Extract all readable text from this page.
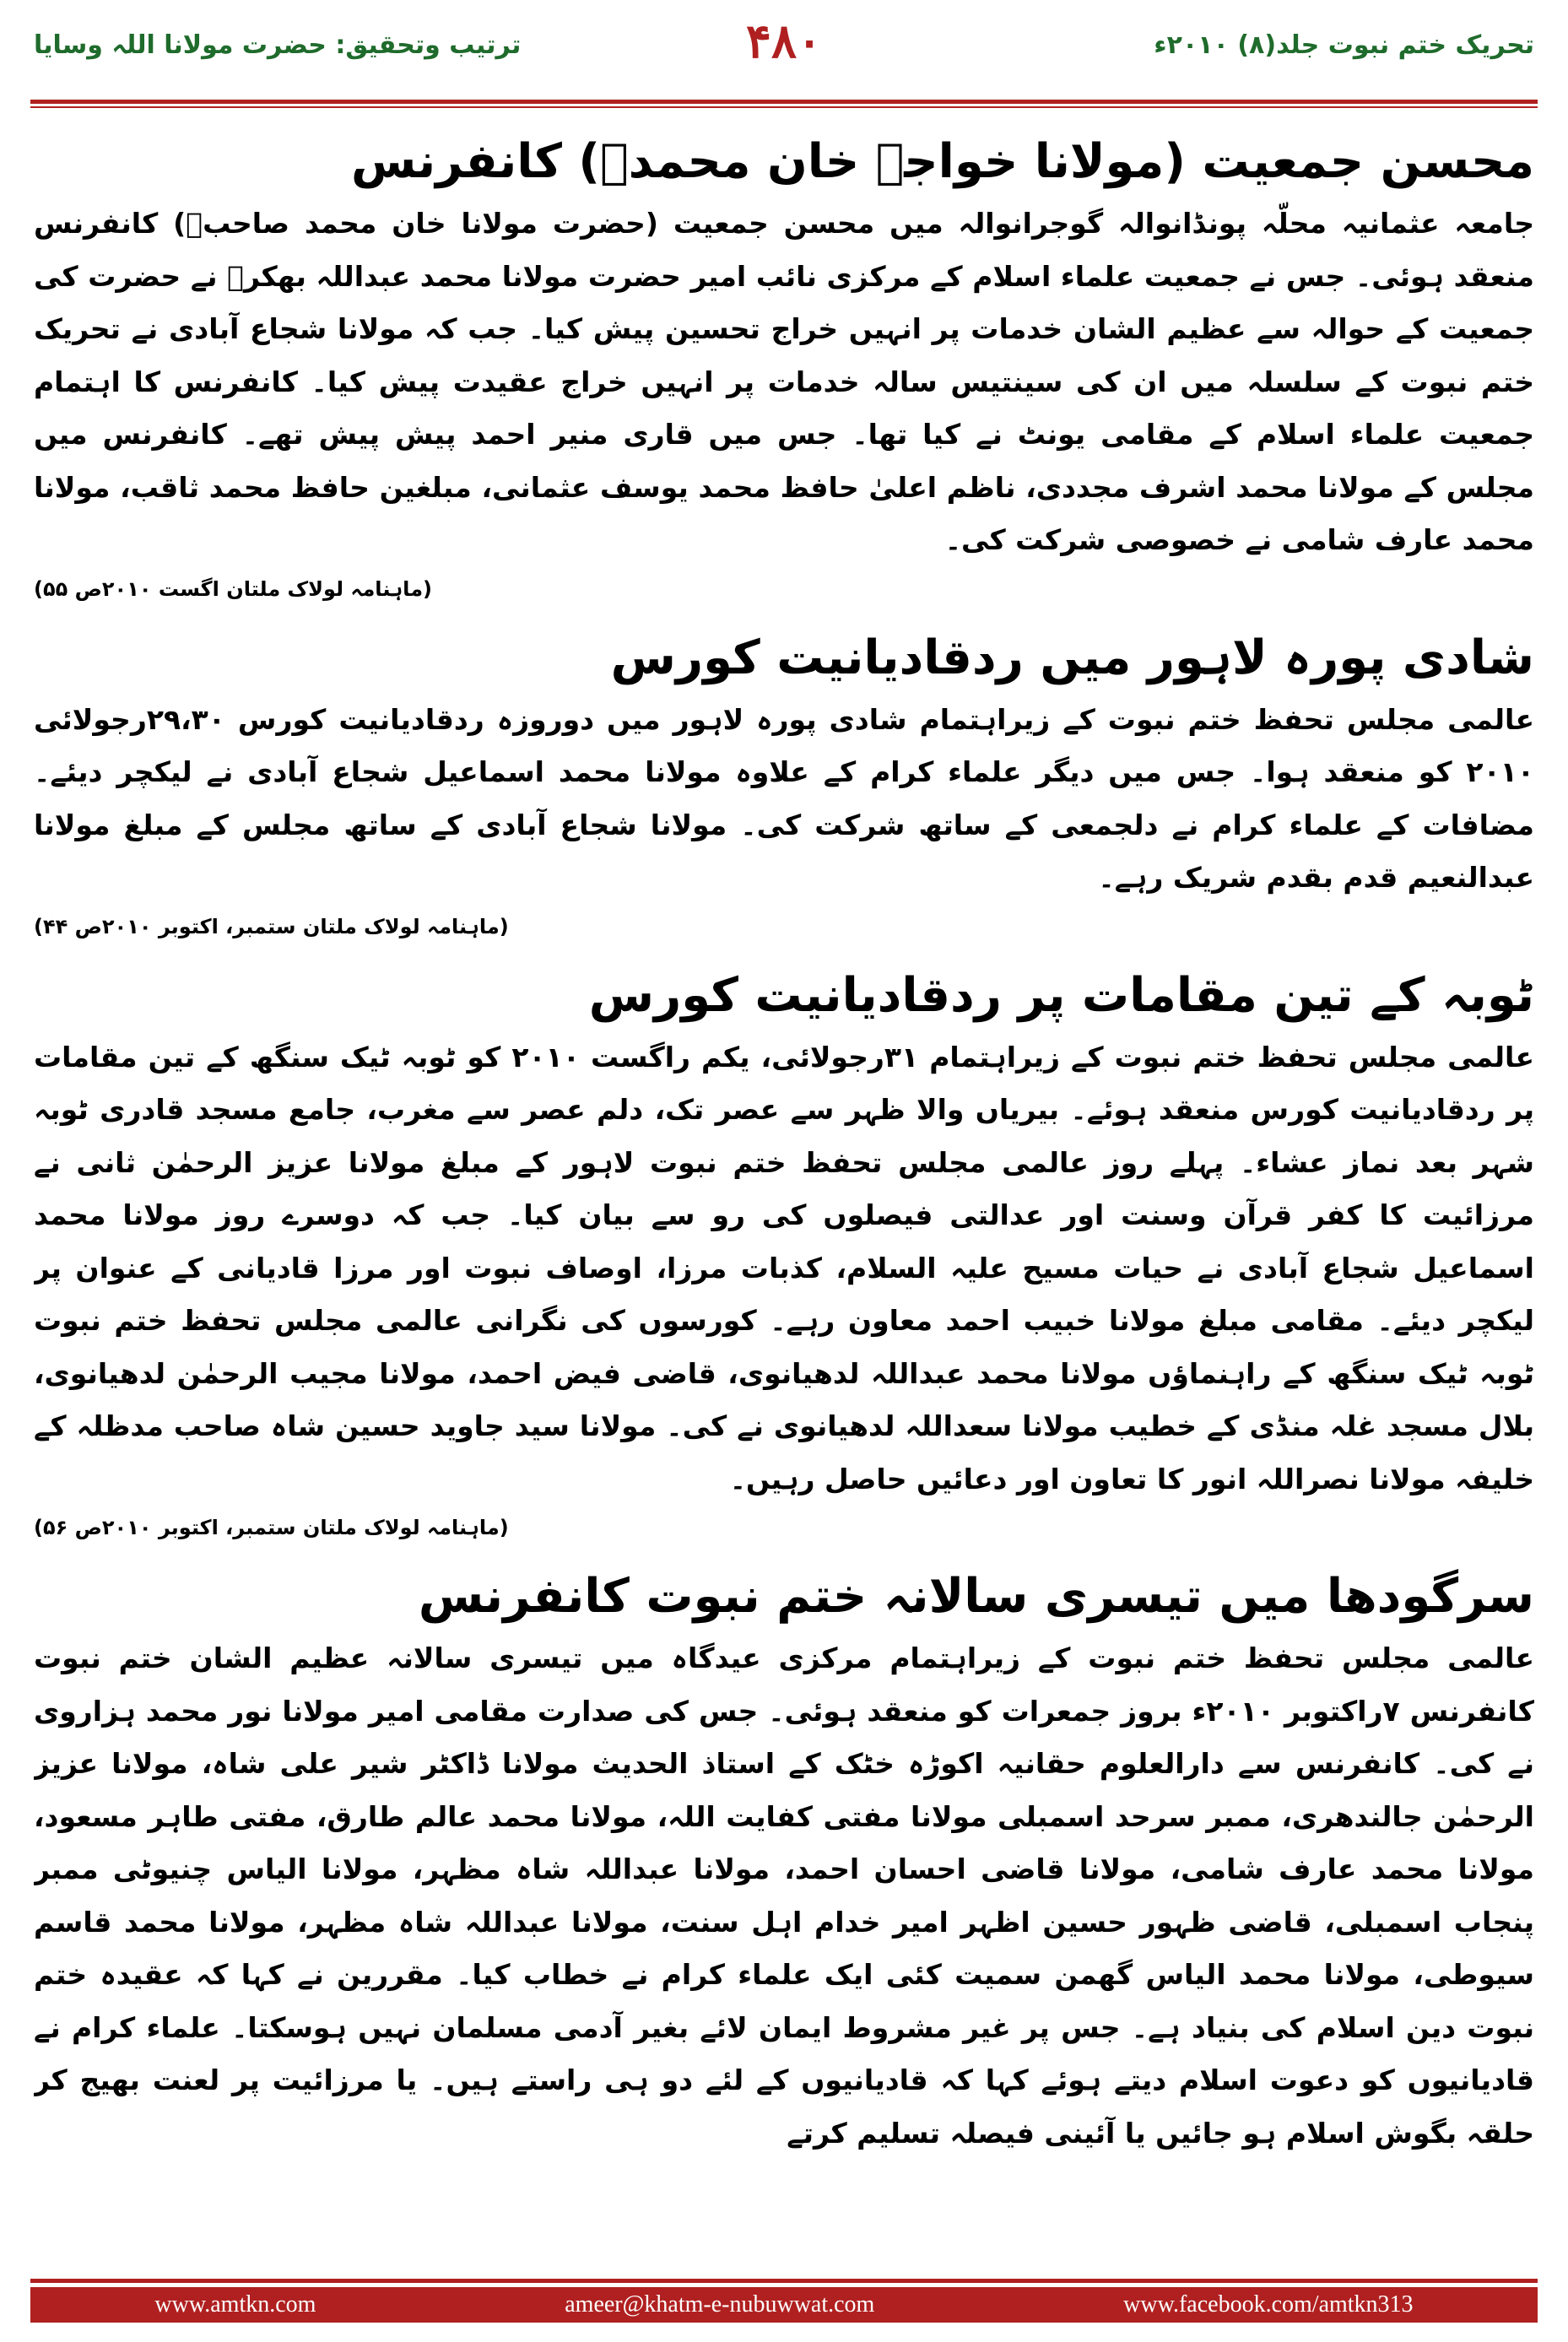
تحریک ختم نبوت جلد(۸) ۲۰۱۰ء
۴۸۰
ترتیب وتحقیق: حضرت مولانا اللہ وسایا
محسن جمعیت (مولانا خواجہ خان محمدؒ) کانفرنس

جامعہ عثمانیہ محلّہ پونڈانوالہ گوجرانوالہ میں محسن جمعیت (حضرت مولانا خان محمد صاحبؒ) کانفرنس منعقد ہوئی۔ جس نے جمعیت علماء اسلام کے مرکزی نائب امیر حضرت مولانا محمد عبداللہ بھکرؒ نے حضرت کی جمعیت کے حوالہ سے عظیم الشان خدمات پر انہیں خراج تحسین پیش کیا۔ جب کہ مولانا شجاع آبادی نے تحریک ختم نبوت کے سلسلہ میں ان کی سینتیس سالہ خدمات پر انہیں خراج عقیدت پیش کیا۔ کانفرنس کا اہتمام جمعیت علماء اسلام کے مقامی یونٹ نے کیا تھا۔ جس میں قاری منیر احمد پیش پیش تھے۔ کانفرنس میں مجلس کے مولانا محمد اشرف مجددی، ناظم اعلیٰ حافظ محمد یوسف عثمانی، مبلغین حافظ محمد ثاقب، مولانا محمد عارف شامی نے خصوصی شرکت کی۔

(ماہنامہ لولاک ملتان اگست ۲۰۱۰ص ۵۵)
شادی پورہ لاہور میں ردقادیانیت کورس

عالمی مجلس تحفظ ختم نبوت کے زیراہتمام شادی پورہ لاہور میں دوروزہ ردقادیانیت کورس ۲۹،۳۰رجولائی ۲۰۱۰ کو منعقد ہوا۔ جس میں دیگر علماء کرام کے علاوہ مولانا محمد اسماعیل شجاع آبادی نے لیکچر دیئے۔ مضافات کے علماء کرام نے دلجمعی کے ساتھ شرکت کی۔ مولانا شجاع آبادی کے ساتھ مجلس کے مبلغ مولانا عبدالنعیم قدم بقدم شریک رہے۔

(ماہنامہ لولاک ملتان ستمبر، اکتوبر ۲۰۱۰ص ۴۴)
ٹوبہ کے تین مقامات پر ردقادیانیت کورس

عالمی مجلس تحفظ ختم نبوت کے زیراہتمام ۳۱رجولائی، یکم راگست ۲۰۱۰ کو ٹوبہ ٹیک سنگھ کے تین مقامات پر ردقادیانیت کورس منعقد ہوئے۔ بیریاں والا ظہر سے عصر تک، دلم عصر سے مغرب، جامع مسجد قادری ٹوبہ شہر بعد نماز عشاء۔ پہلے روز عالمی مجلس تحفظ ختم نبوت لاہور کے مبلغ مولانا عزیز الرحمٰن ثانی نے مرزائیت کا کفر قرآن وسنت اور عدالتی فیصلوں کی رو سے بیان کیا۔ جب کہ دوسرے روز مولانا محمد اسماعیل شجاع آبادی نے حیات مسیح علیہ السلام، کذبات مرزا، اوصاف نبوت اور مرزا قادیانی کے عنوان پر لیکچر دیئے۔ مقامی مبلغ مولانا خبیب احمد معاون رہے۔ کورسوں کی نگرانی عالمی مجلس تحفظ ختم نبوت ٹوبہ ٹیک سنگھ کے راہنماؤں مولانا محمد عبداللہ لدھیانوی، قاضی فیض احمد، مولانا مجیب الرحمٰن لدھیانوی، بلال مسجد غلہ منڈی کے خطیب مولانا سعداللہ لدھیانوی نے کی۔ مولانا سید جاوید حسین شاہ صاحب مدظلہ کے خلیفہ مولانا نصراللہ انور کا تعاون اور دعائیں حاصل رہیں۔

(ماہنامہ لولاک ملتان ستمبر، اکتوبر ۲۰۱۰ص ۵۶)
سرگودھا میں تیسری سالانہ ختم نبوت کانفرنس

عالمی مجلس تحفظ ختم نبوت کے زیراہتمام مرکزی عیدگاہ میں تیسری سالانہ عظیم الشان ختم نبوت کانفرنس ۷راکتوبر ۲۰۱۰ء بروز جمعرات کو منعقد ہوئی۔ جس کی صدارت مقامی امیر مولانا نور محمد ہزاروی نے کی۔ کانفرنس سے دارالعلوم حقانیہ اکوڑہ خٹک کے استاذ الحدیث مولانا ڈاکٹر شیر علی شاہ، مولانا عزیز الرحمٰن جالندھری، ممبر سرحد اسمبلی مولانا مفتی کفایت اللہ، مولانا محمد عالم طارق، مفتی طاہر مسعود، مولانا محمد عارف شامی، مولانا قاضی احسان احمد، مولانا عبداللہ شاہ مظہر، مولانا الیاس چنیوٹی ممبر پنجاب اسمبلی، قاضی ظہور حسین اظہر امیر خدام اہل سنت، مولانا عبداللہ شاہ مظہر، مولانا محمد قاسم سیوطی، مولانا محمد الیاس گھمن سمیت کئی ایک علماء کرام نے خطاب کیا۔ مقررین نے کہا کہ عقیدہ ختم نبوت دین اسلام کی بنیاد ہے۔ جس پر غیر مشروط ایمان لائے بغیر آدمی مسلمان نہیں ہوسکتا۔ علماء کرام نے قادیانیوں کو دعوت اسلام دیتے ہوئے کہا کہ قادیانیوں کے لئے دو ہی راستے ہیں۔ یا مرزائیت پر لعنت بھیج کر حلقہ بگوش اسلام ہو جائیں یا آئینی فیصلہ تسلیم کرتے

www.amtkn.com	ameer@khatm-e-nubuwwat.com	www.facebook.com/amtkn313
